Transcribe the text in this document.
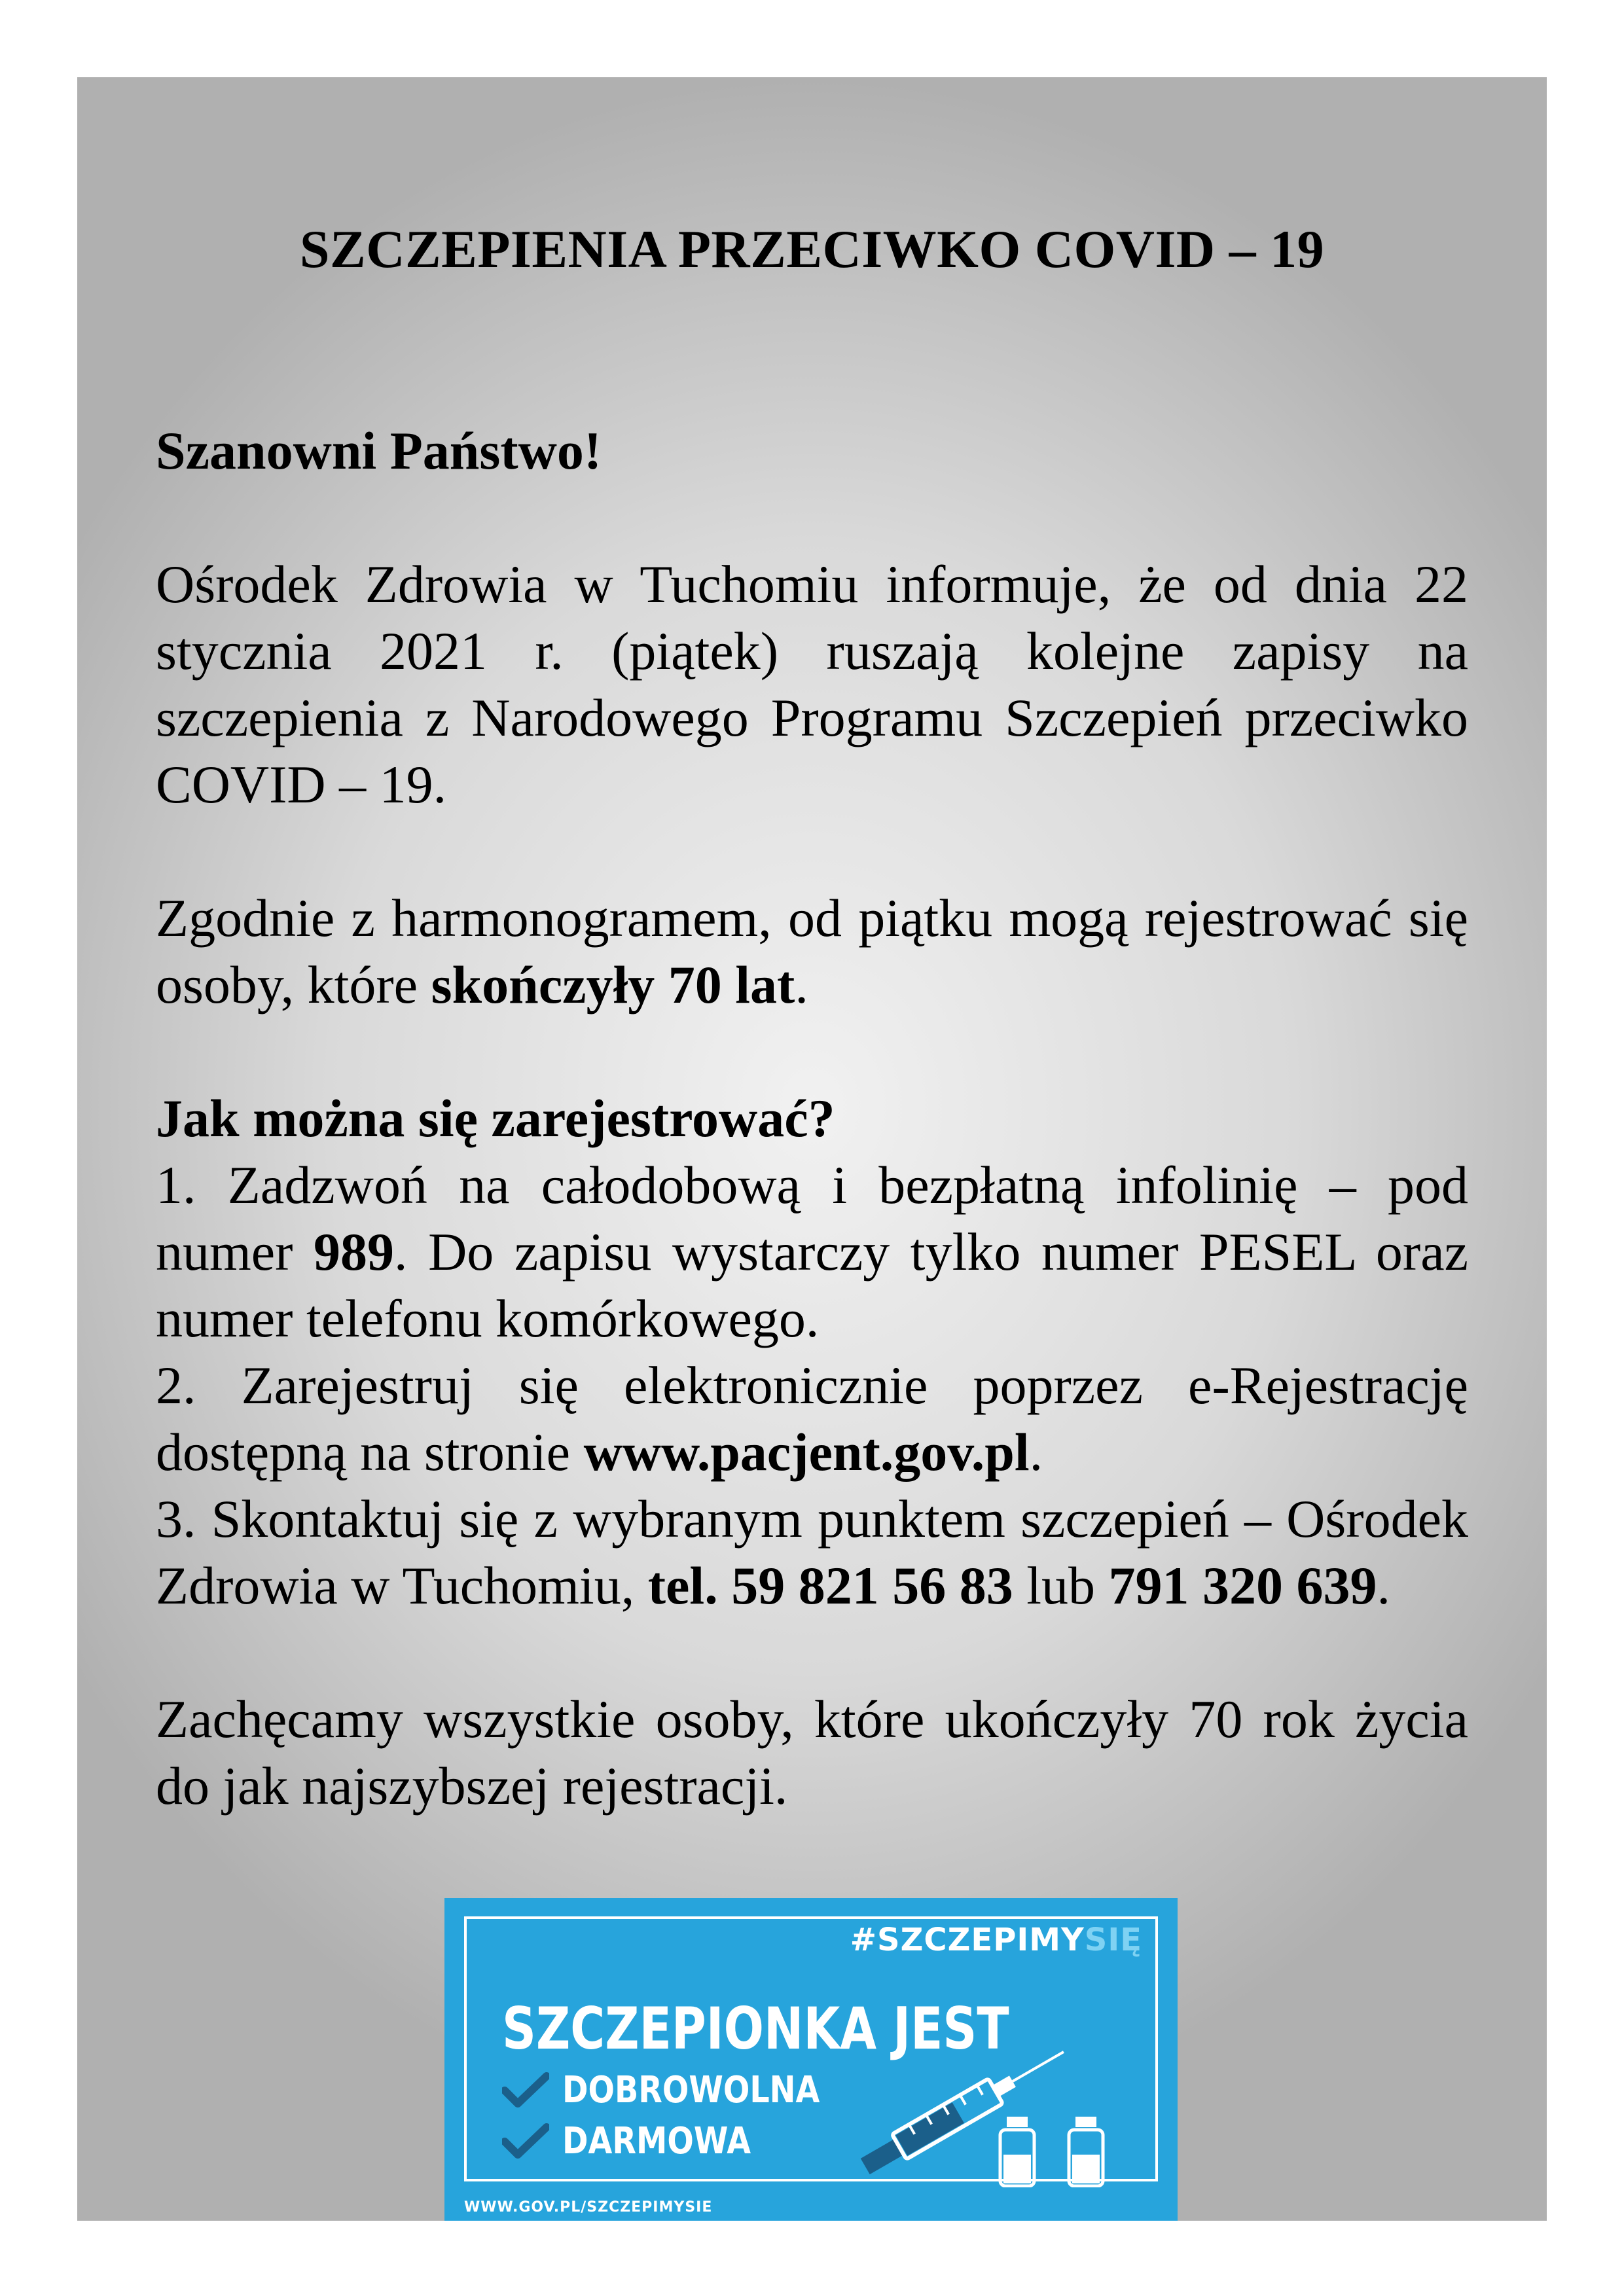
SZCZEPIENIA PRZECIWKO COVID – 19

Szanowni Państwo!

Ośrodek Zdrowia w Tuchomiu informuje, że od dnia 22 stycznia 2021 r. (piątek) ruszają kolejne zapisy na szczepienia z Narodowego Programu Szczepień przeciwko COVID – 19.

Zgodnie z harmonogramem, od piątku mogą rejestrować się osoby, które skończyły 70 lat.

Jak można się zarejestrować?

1. Zadzwoń na całodobową i bezpłatną infolinię – pod numer 989. Do zapisu wystarczy tylko numer PESEL oraz numer telefonu komórkowego.

2. Zarejestruj się elektronicznie poprzez e-Rejestrację dostępną na stronie www.pacjent.gov.pl.

3. Skontaktuj się z wybranym punktem szczepień – Ośrodek Zdrowia w Tuchomiu, tel. 59 821 56 83 lub 791 320 639.

Zachęcamy wszystkie osoby, które ukończyły 70 rok życia do jak najszybszej rejestracji.

#SZCZEPIMYSIĘ
SZCZEPIONKA JEST
DOBROWOLNA
DARMOWA
WWW.GOV.PL/SZCZEPIMYSIE
